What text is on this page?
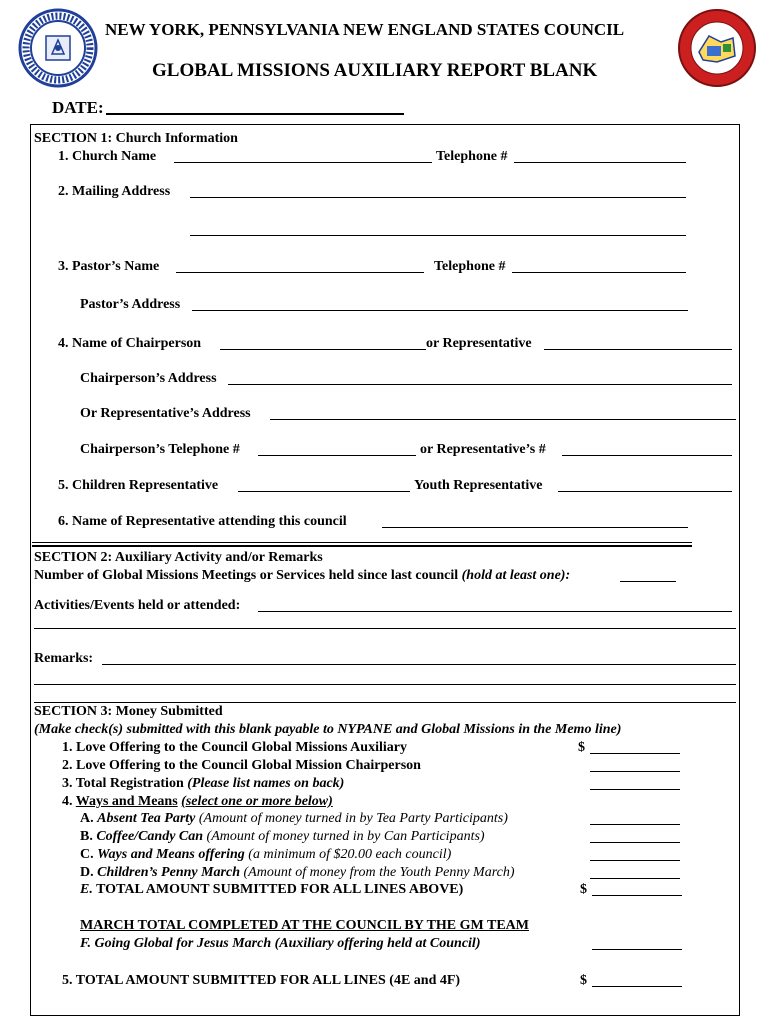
NEW YORK, PENNSYLVANIA NEW ENGLAND STATES COUNCIL
GLOBAL MISSIONS AUXILIARY REPORT BLANK
DATE:
SECTION 1: Church Information
1. Church Name	Telephone #
2. Mailing Address
3. Pastor’s Name	Telephone #
Pastor’s Address
4. Name of Chairperson	or Representative
Chairperson’s Address
Or Representative’s Address
Chairperson’s Telephone #	or Representative’s #
5. Children Representative	Youth Representative
6. Name of Representative attending this council
SECTION 2: Auxiliary Activity and/or Remarks
Number of Global Missions Meetings or Services held since last council (hold at least one):
Activities/Events held or attended:
Remarks:
SECTION 3: Money Submitted
(Make check(s) submitted with this blank payable to NYPANE and Global Missions in the Memo line)
1. Love Offering to the Council Global Missions Auxiliary	$
2. Love Offering to the Council Global Mission Chairperson
3. Total Registration (Please list names on back)
4. Ways and Means (select one or more below)
A. Absent Tea Party (Amount of money turned in by Tea Party Participants)
B. Coffee/Candy Can (Amount of money turned in by Can Participants)
C. Ways and Means offering (a minimum of $20.00 each council)
D. Children’s Penny March (Amount of money from the Youth Penny March)
E. TOTAL AMOUNT SUBMITTED FOR ALL LINES ABOVE)	$
MARCH TOTAL COMPLETED AT THE COUNCIL BY THE GM TEAM
F. Going Global for Jesus March (Auxiliary offering held at Council)
5. TOTAL AMOUNT SUBMITTED FOR ALL LINES (4E and 4F)	$
